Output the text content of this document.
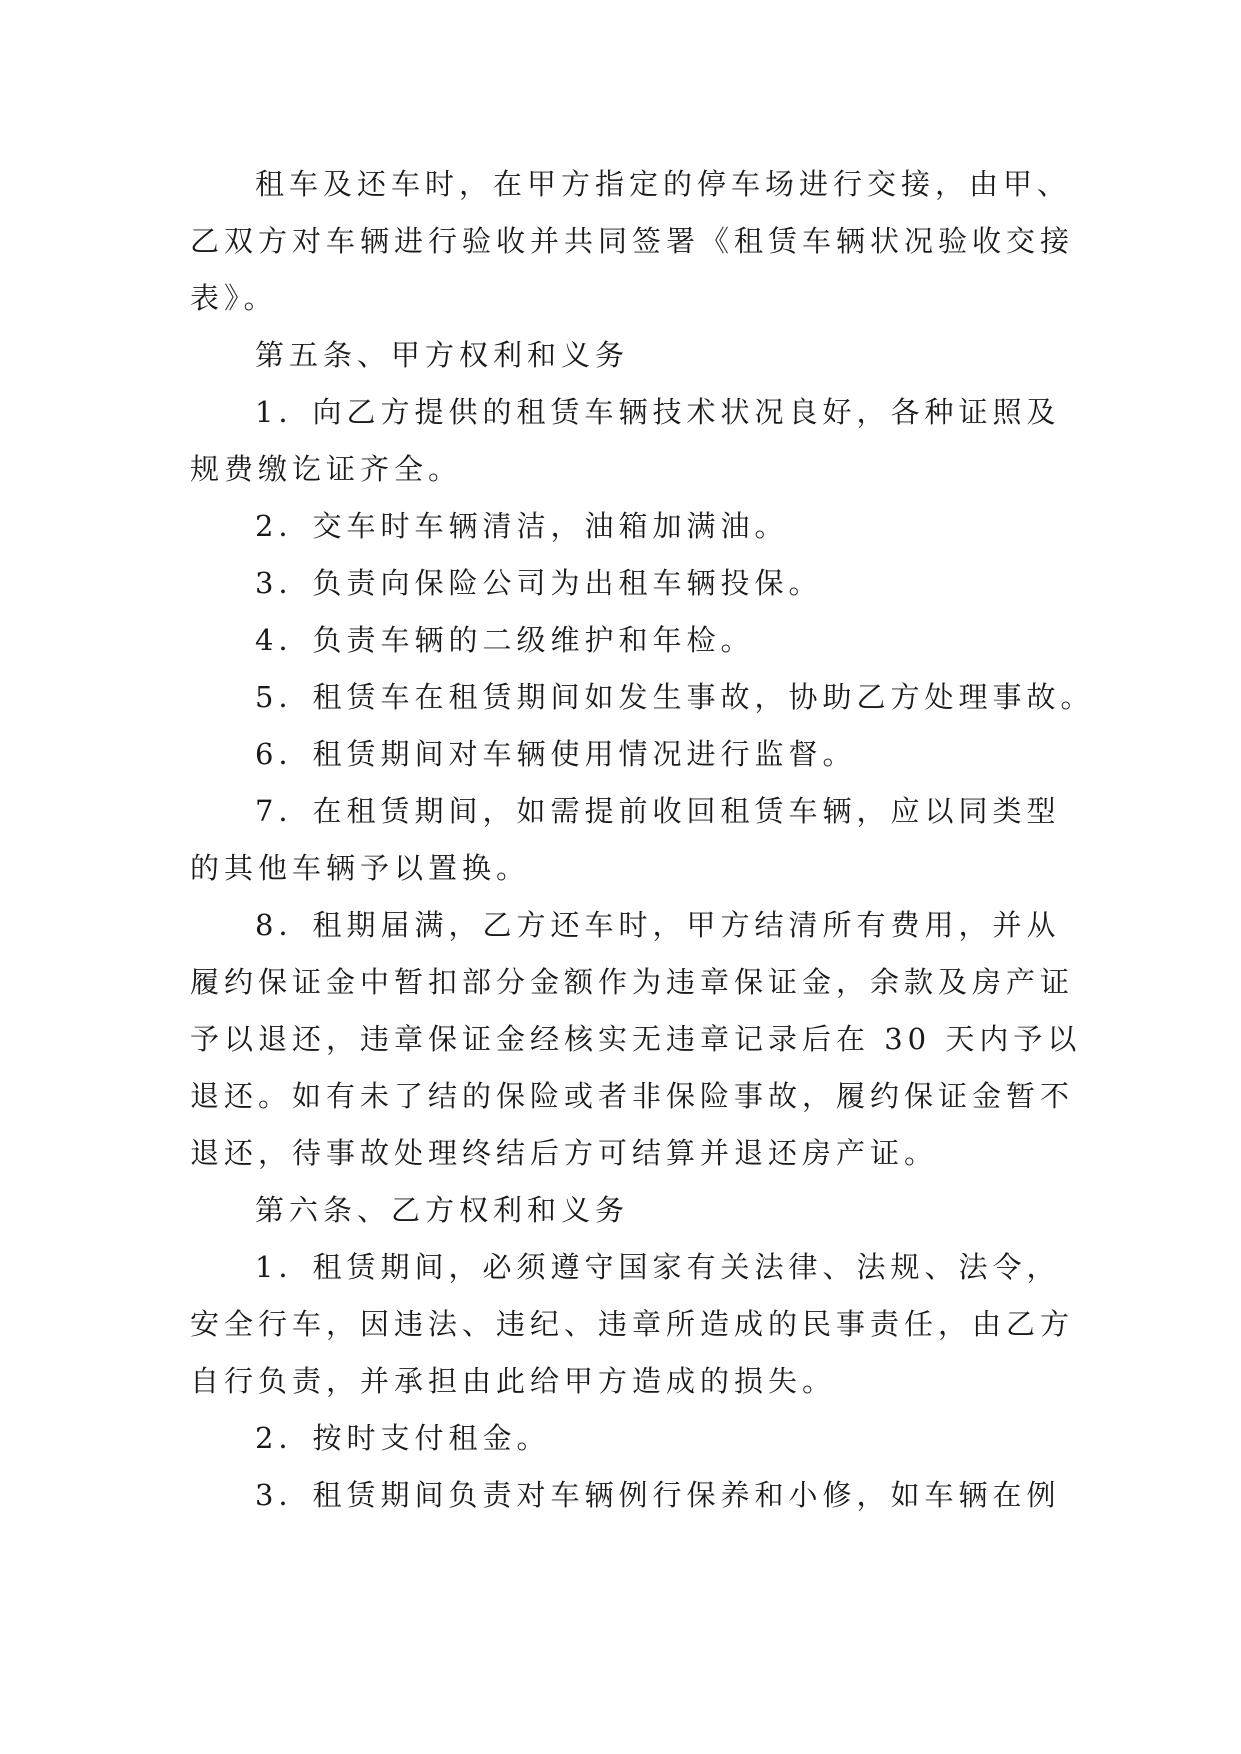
租车及还车时，在甲方指定的停车场进行交接，由甲、
乙双方对车辆进行验收并共同签署《租赁车辆状况验收交接
表》。
第五条、甲方权利和义务
1．向乙方提供的租赁车辆技术状况良好，各种证照及
规费缴讫证齐全。
2．交车时车辆清洁，油箱加满油。
3．负责向保险公司为出租车辆投保。
4．负责车辆的二级维护和年检。
5．租赁车在租赁期间如发生事故，协助乙方处理事故。
6．租赁期间对车辆使用情况进行监督。
7．在租赁期间，如需提前收回租赁车辆，应以同类型
的其他车辆予以置换。
8．租期届满，乙方还车时，甲方结清所有费用，并从
履约保证金中暂扣部分金额作为违章保证金，余款及房产证
予以退还，违章保证金经核实无违章记录后在 30 天内予以
退还。如有未了结的保险或者非保险事故，履约保证金暂不
退还，待事故处理终结后方可结算并退还房产证。
第六条、乙方权利和义务
1．租赁期间，必须遵守国家有关法律、法规、法令，
安全行车，因违法、违纪、违章所造成的民事责任，由乙方
自行负责，并承担由此给甲方造成的损失。
2．按时支付租金。
3．租赁期间负责对车辆例行保养和小修，如车辆在例
